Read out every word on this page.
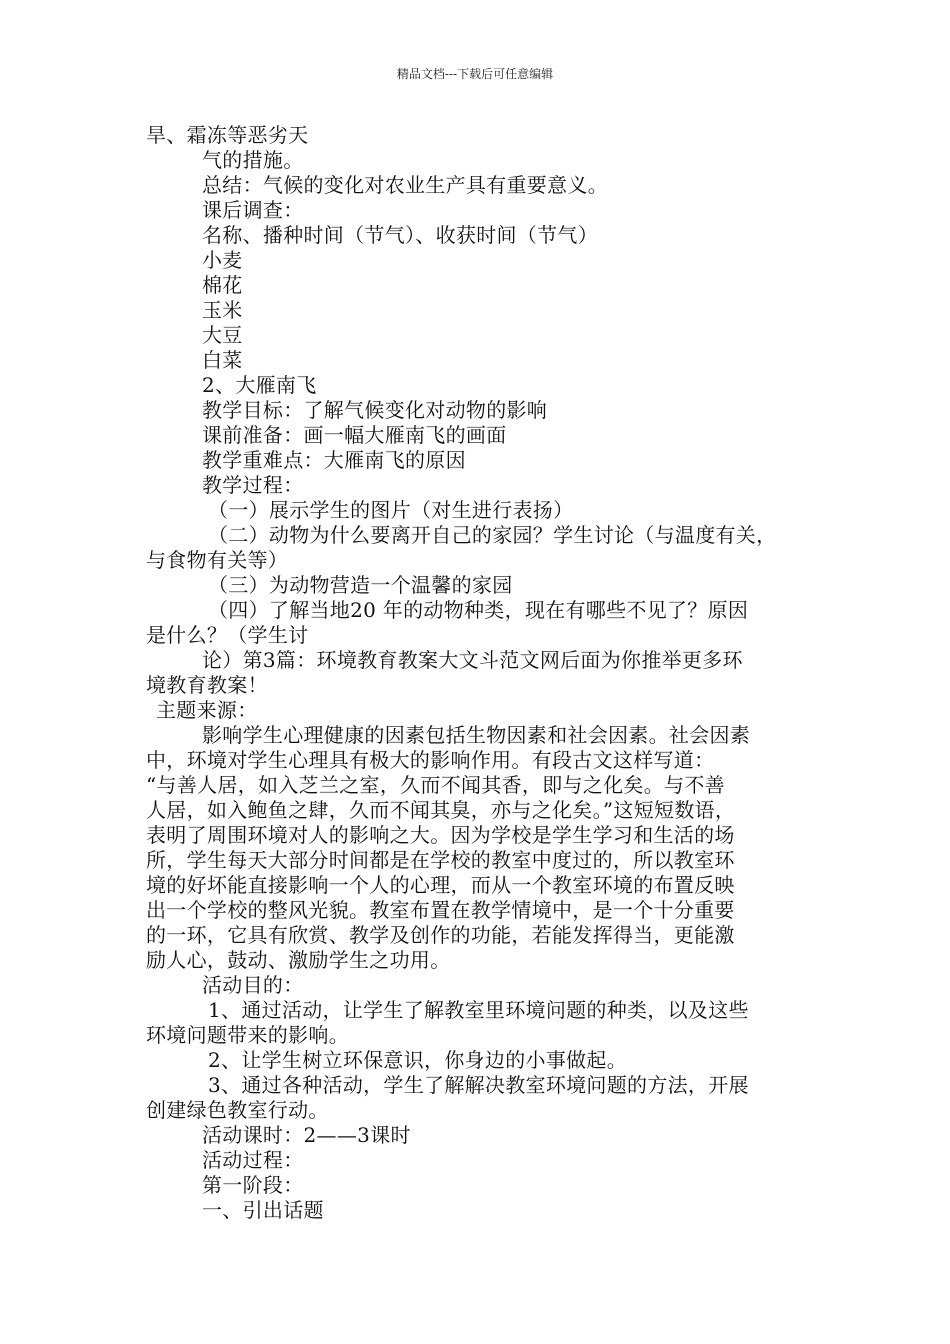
精品文档---下载后可任意编辑
旱、霜冻等恶劣天
气的措施。
总结：气候的变化对农业生产具有重要意义。
课后调查：
名称、播种时间（节气）、收获时间（节气）
小麦
棉花
玉米
大豆
白菜
2、大雁南飞
教学目标：了解气候变化对动物的影响
课前准备：画一幅大雁南飞的画面
教学重难点：大雁南飞的原因
教学过程：
（一）展示学生的图片（对生进行表扬）
（二）动物为什么要离开自己的家园？学生讨论（与温度有关，
与食物有关等）
（三）为动物营造一个温馨的家园
（四）了解当地20 年的动物种类，现在有哪些不见了？原因
是什么？（学生讨
论）第3篇：环境教育教案大文斗范文网后面为你推举更多环
境教育教案！
主题来源：
影响学生心理健康的因素包括生物因素和社会因素。社会因素
中，环境对学生心理具有极大的影响作用。有段古文这样写道：
“与善人居，如入芝兰之室，久而不闻其香，即与之化矣。与不善
人居，如入鲍鱼之肆，久而不闻其臭，亦与之化矣。”这短短数语，
表明了周围环境对人的影响之大。因为学校是学生学习和生活的场
所，学生每天大部分时间都是在学校的教室中度过的，所以教室环
境的好坏能直接影响一个人的心理，而从一个教室环境的布置反映
出一个学校的整风光貌。教室布置在教学情境中，是一个十分重要
的一环，它具有欣赏、教学及创作的功能，若能发挥得当，更能激
励人心，鼓动、激励学生之功用。
活动目的：
1、通过活动，让学生了解教室里环境问题的种类，以及这些
环境问题带来的影响。
2、让学生树立环保意识，你身边的小事做起。
3、通过各种活动，学生了解解决教室环境问题的方法，开展
创建绿色教室行动。
活动课时：2——3课时
活动过程：
第一阶段：
一、引出话题
